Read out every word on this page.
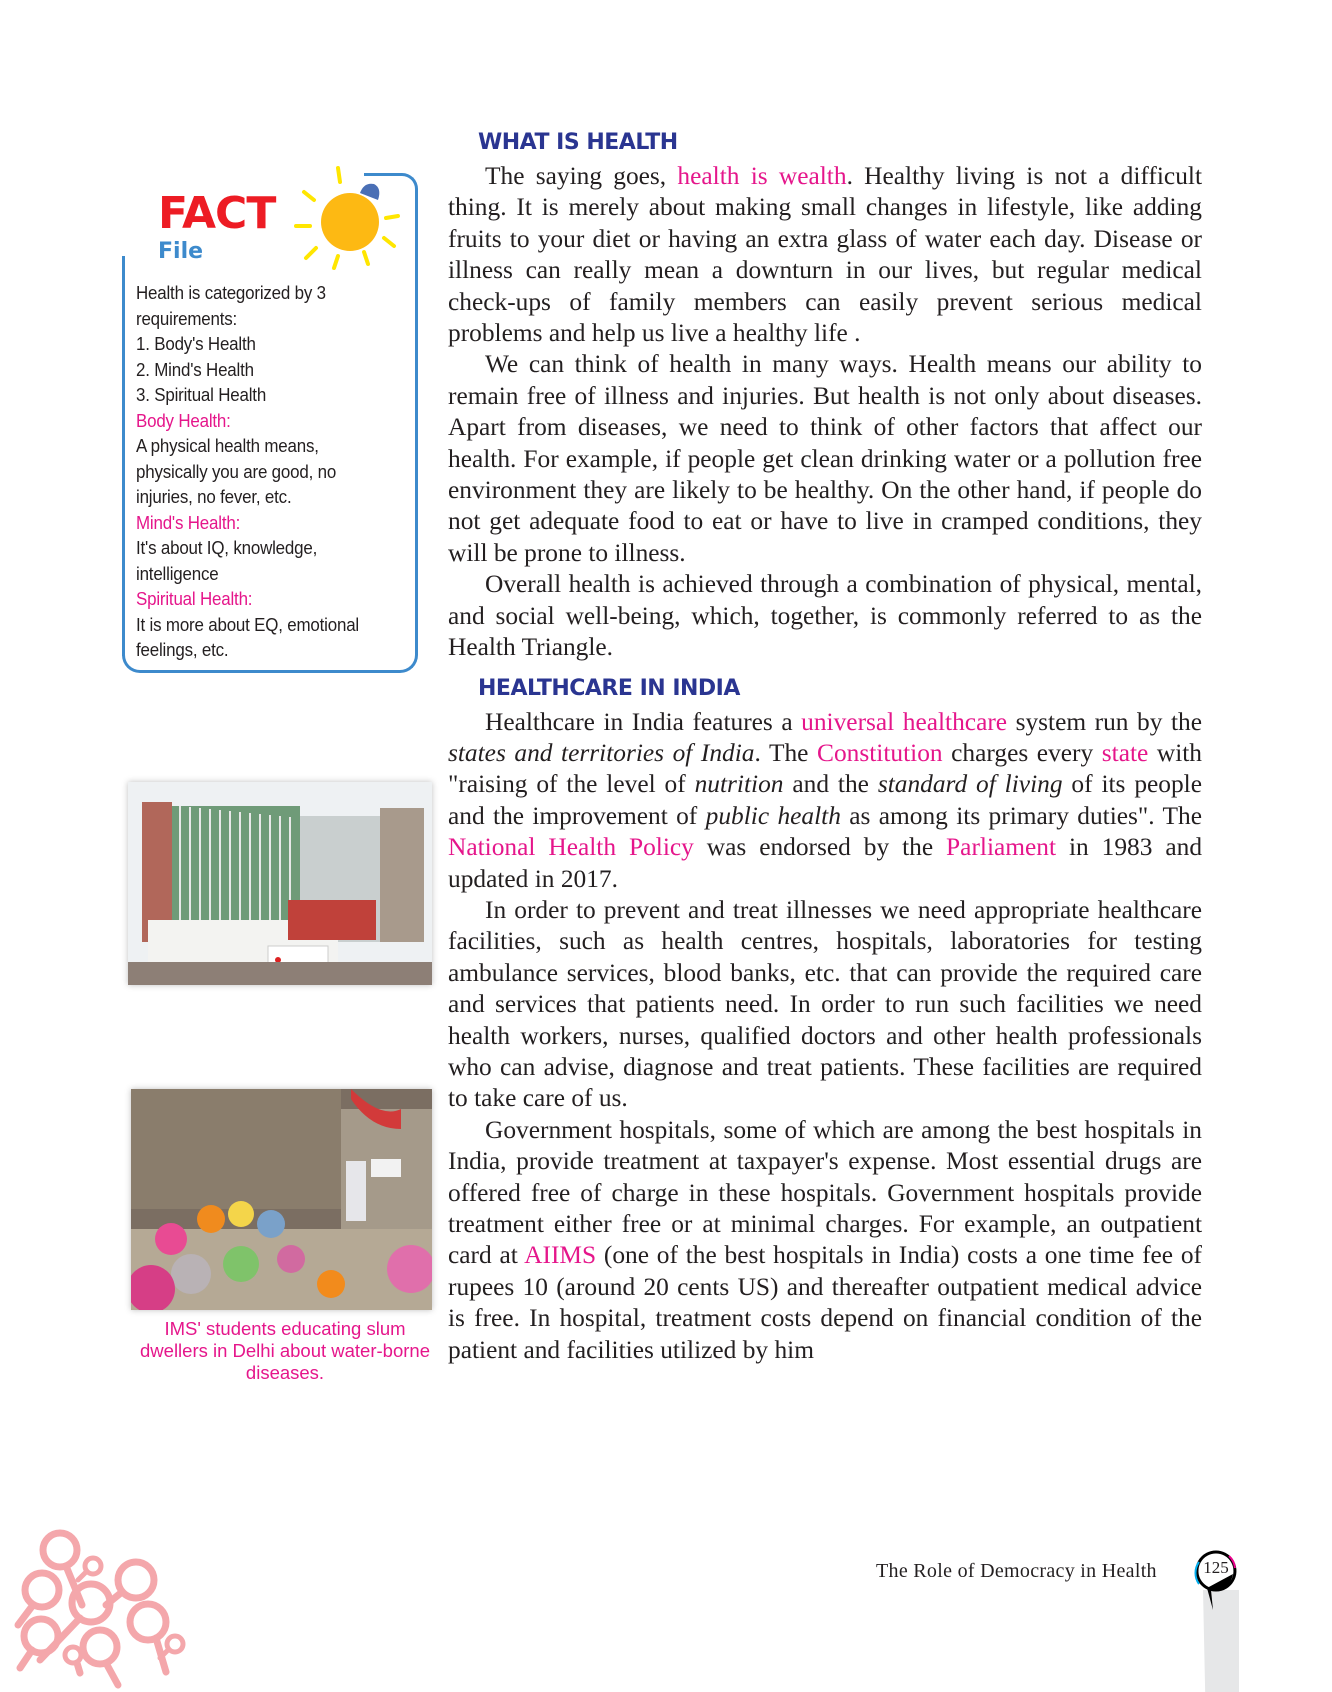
FACT
File
Health is categorized by 3
requirements:
1. Body's Health
2. Mind's Health
3. Spiritual Health
Body Health:
A physical health means,
physically you are good, no
injuries, no fever, etc.
Mind's Health:
It's about IQ, knowledge,
intelligence
Spiritual Health:
It is more about EQ, emotional
feelings, etc.
IMS' students educating slum dwellers in Delhi about water-borne diseases.
WHAT IS HEALTH

The saying goes, health is wealth. Healthy living is not a difficult thing. It is merely about making small changes in lifestyle, like adding fruits to your diet or having an extra glass of water each day. Disease or illness can really mean a downturn in our lives, but regular medical check-ups of family members can easily prevent serious medical problems and help us live a healthy life .

We can think of health in many ways. Health means our ability to remain free of illness and injuries. But health is not only about diseases. Apart from diseases, we need to think of other factors that affect our health. For example, if people get clean drinking water or a pollution free environment they are likely to be healthy. On the other hand, if people do not get adequate food to eat or have to live in cramped conditions, they will be prone to illness.

Overall health is achieved through a combination of physical, mental, and social well-being, which, together, is commonly referred to as the Health Triangle.

HEALTHCARE IN INDIA

Healthcare in India features a universal healthcare system run by the states and territories of India. The Constitution charges every state with "raising of the level of nutrition and the standard of living of its people and the improvement of public health as among its primary duties". The National Health Policy was endorsed by the Parliament in 1983 and updated in 2017.

In order to prevent and treat illnesses we need appropriate healthcare facilities, such as health centres, hospitals, laboratories for testing ambulance services, blood banks, etc. that can provide the required care and services that patients need. In order to run such facilities we need health workers, nurses, qualified doctors and other health professionals who can advise, diagnose and treat patients. These facilities are required to take care of us.

Government hospitals, some of which are among the best hospitals in India, provide treatment at taxpayer's expense. Most essential drugs are offered free of charge in these hospitals. Government hospitals provide treatment either free or at minimal charges. For example, an outpatient card at AIIMS (one of the best hospitals in India) costs a one time fee of rupees 10 (around 20 cents US) and thereafter outpatient medical advice is free. In hospital, treatment costs depend on financial condition of the patient and facilities utilized by him

The Role of Democracy in Health	125
